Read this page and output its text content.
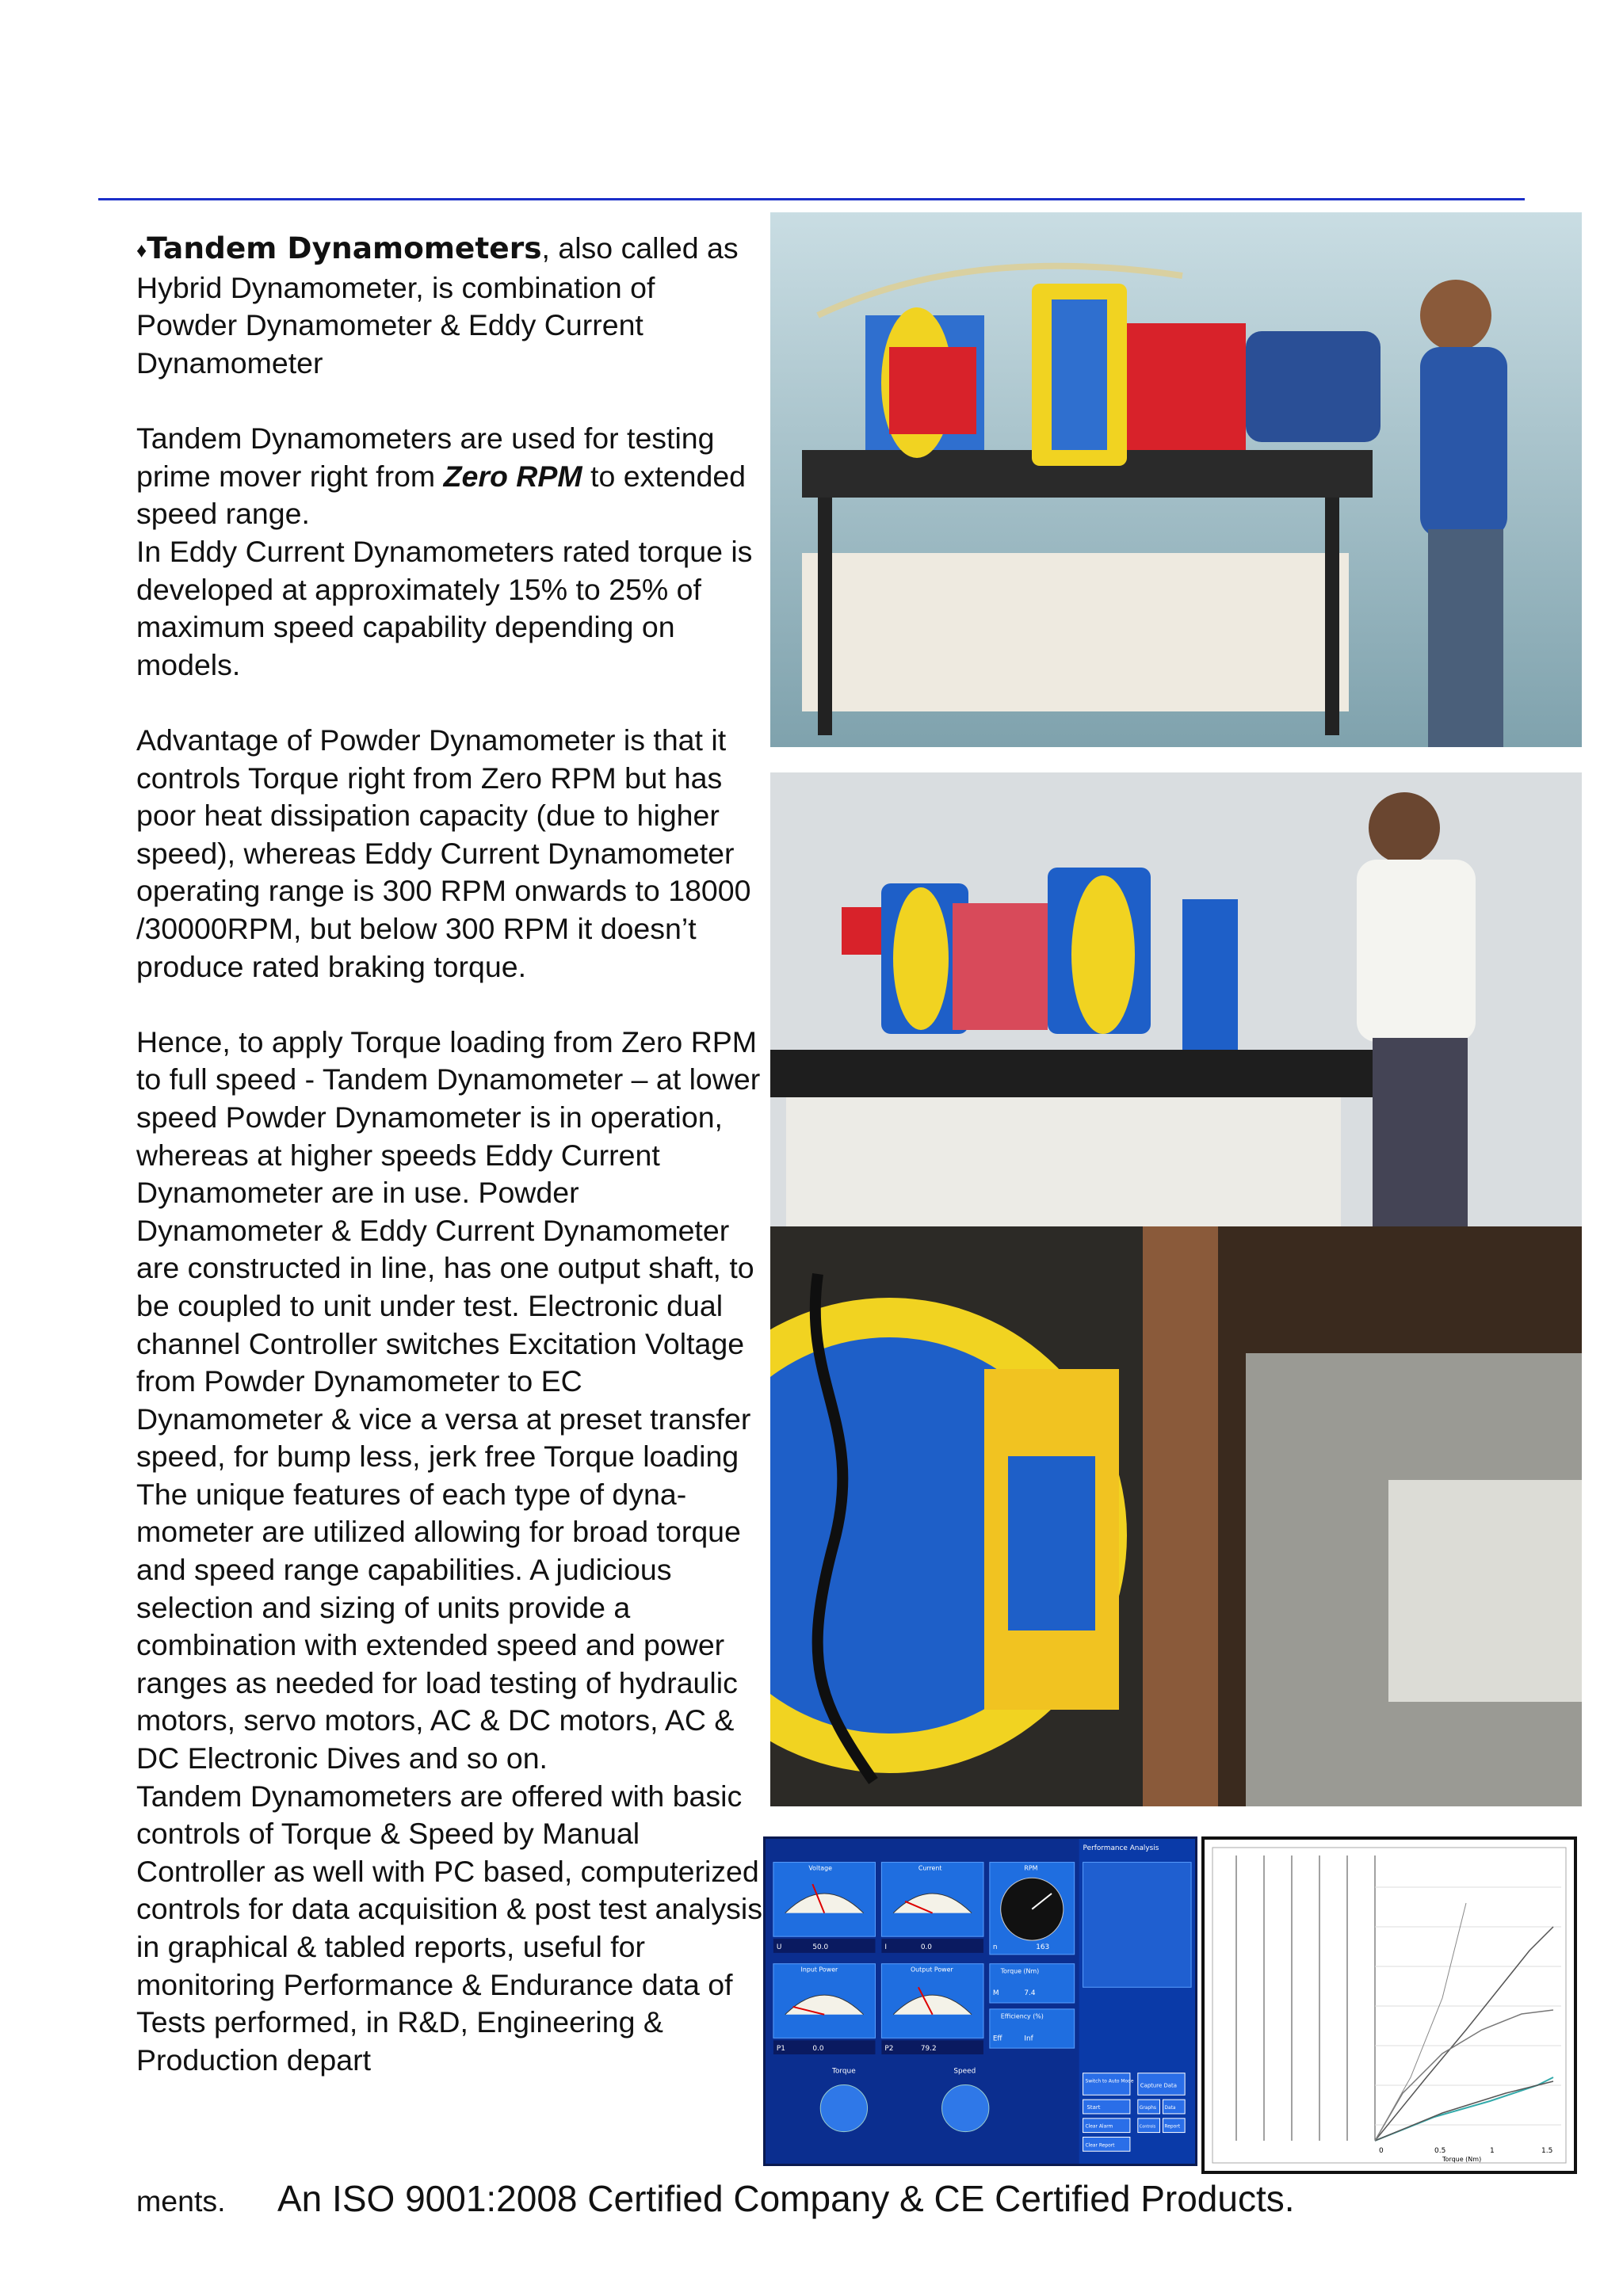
♦Tandem Dynamometers, also called as Hybrid Dynamometer, is combination of Powder Dynamometer & Eddy Current Dynamometer

Tandem Dynamometers are used for testing prime mover right from Zero RPM to extended speed range.

In Eddy Current Dynamometers rated torque is developed at approximately 15% to 25% of maximum speed capability depending on models.

Advantage of Powder Dynamometer is that it controls Torque right from Zero RPM but has poor heat dissipation capacity (due to higher speed), whereas Eddy Current Dynamometer operating range is 300 RPM onwards to 18000 /30000RPM, but below 300 RPM it doesn’t produce rated braking torque.

Hence, to apply Torque loading from Zero RPM to full speed - Tandem Dynamometer – at lower speed Powder Dynamometer is in operation, whereas at higher speeds Eddy Current Dynamometer are in use. Powder Dynamometer & Eddy Current Dynamometer are constructed in line, has one output shaft, to be coupled to unit under test. Electronic dual channel Controller switches Excitation Voltage from Powder Dynamometer to EC Dynamometer & vice a versa at preset transfer speed, for bump less, jerk free Torque loading

The unique features of each type of dynamometer are utilized allowing for broad torque and speed range capabilities. A judicious selection and sizing of units provide a combination with extended speed and power ranges as needed for load testing of hydraulic motors, servo motors, AC & DC motors, AC & DC Electronic Dives and so on.

Tandem Dynamometers are offered with basic controls of Torque & Speed by Manual Controller as well with PC based, computerized controls for data acquisition & post test analysis in graphical & tabled reports, useful for monitoring Performance & Endurance data of Tests performed, in R&D, Engineering & Production depart

ments.
Performance Analysis
Voltage
U	50.0
Current
I	0.0
RPM
n	163
Input Power
P1	0.0
Output Power
P2	79.2
Torque (Nm)
M	7.4
Efficiency (%)
Eff	Inf
Torque	Speed
Switch to Auto Mode
Capture Data
Start	Graphs Data
Clear Alarm	Controls Report
Clear Report
0	0.5	1	1.5
Torque (Nm)
An ISO 9001:2008 Certified Company & CE Certified Products.
